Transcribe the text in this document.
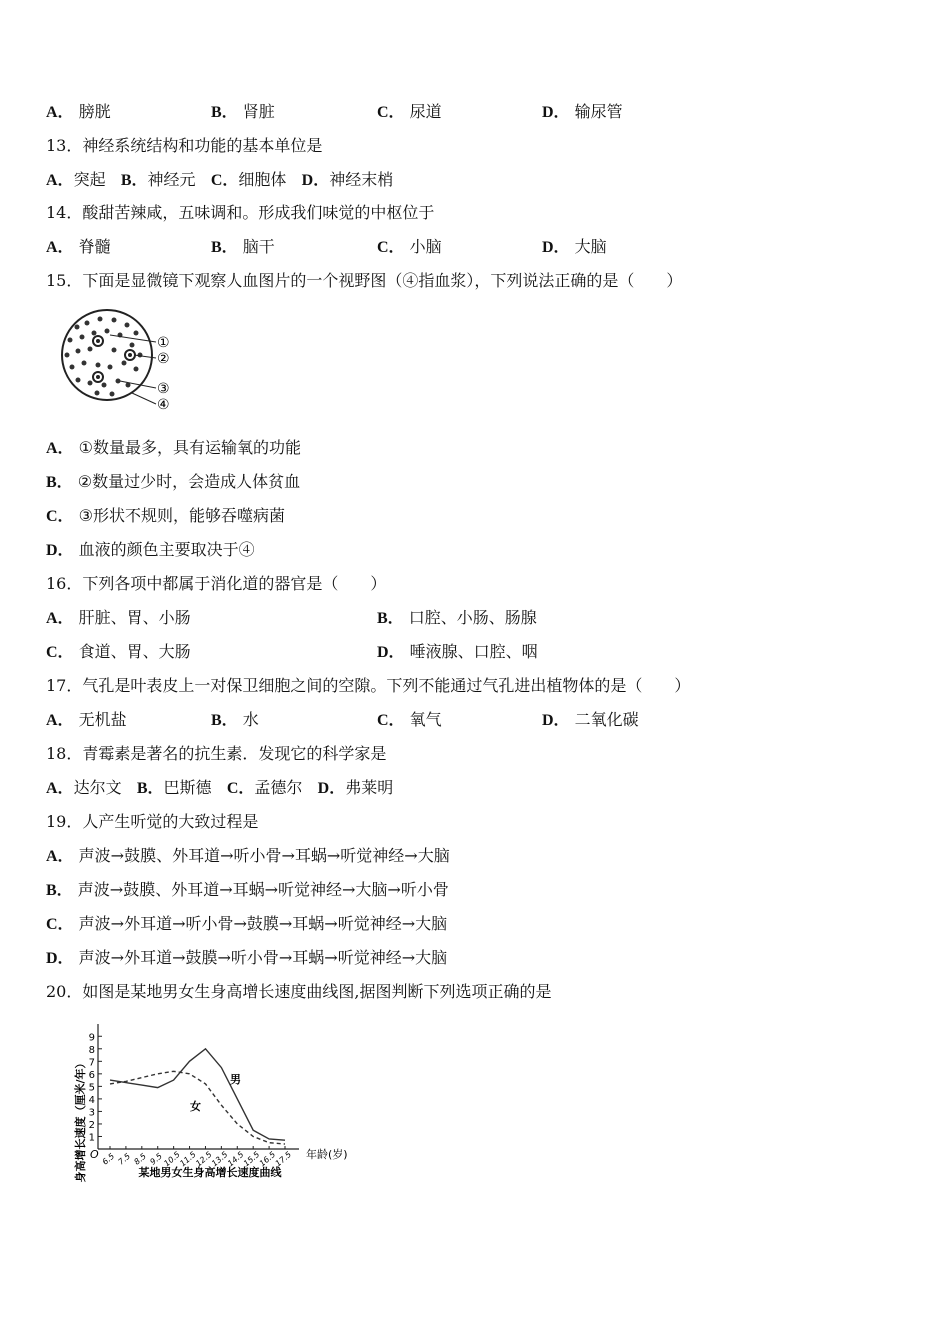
A． 膀胱	B． 肾脏	C． 尿道	D． 输尿管
13．神经系统结构和功能的基本单位是
A．突起 B．神经元 C．细胞体 D．神经末梢
14．酸甜苦辣咸，五味调和。形成我们味觉的中枢位于
A． 脊髓	B． 脑干	C． 小脑	D． 大脑
15．下面是显微镜下观察人血图片的一个视野图（④指血浆），下列说法正确的是（　　）
①
②
③
④
A． ①数量最多，具有运输氧的功能
B． ②数量过少时，会造成人体贫血
C． ③形状不规则，能够吞噬病菌
D． 血液的颜色主要取决于④
16．下列各项中都属于消化道的器官是（　　）
A． 肝脏、胃、小肠	B． 口腔、小肠、肠腺
C． 食道、胃、大肠	D． 唾液腺、口腔、咽
17．气孔是叶表皮上一对保卫细胞之间的空隙。下列不能通过气孔进出植物体的是（　　）
A． 无机盐	B． 水	C． 氧气	D． 二氧化碳
18．青霉素是著名的抗生素．发现它的科学家是
A．达尔文 B．巴斯德 C．孟德尔 D．弗莱明
19．人产生听觉的大致过程是
A． 声波→鼓膜、外耳道→听小骨→耳蜗→听觉神经→大脑
B． 声波→鼓膜、外耳道→耳蜗→听觉神经→大脑→听小骨
C． 声波→外耳道→听小骨→鼓膜→耳蜗→听觉神经→大脑
D． 声波→外耳道→鼓膜→听小骨→耳蜗→听觉神经→大脑
20．如图是某地男女生身高增长速度曲线图,据图判断下列选项正确的是
身高增长速度（厘米/年） 1
2
3
4
5
6
7
8
9
6.5 7.5 8.5 9.5
10.5
11.5
12.5
13.5
14.5
15.5
16.5
17.5
O	年龄(岁)
男
女
某地男女生身高增长速度曲线
